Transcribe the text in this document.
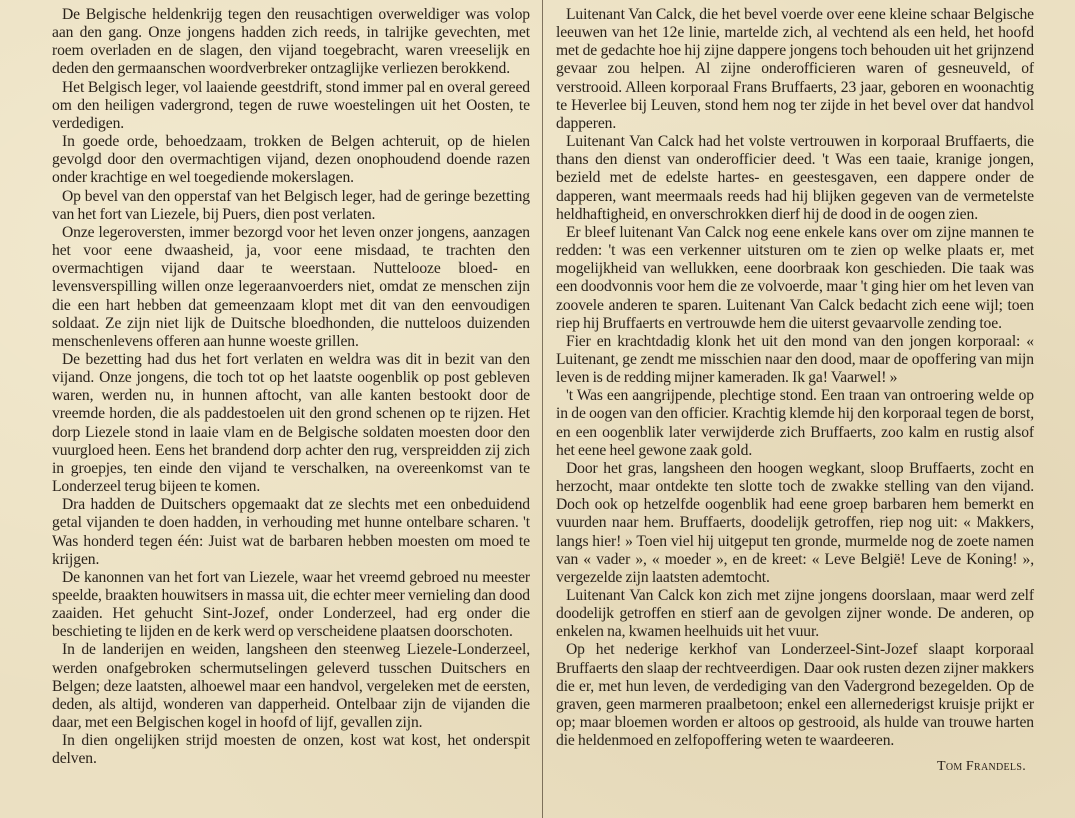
De Belgische heldenkrijg tegen den reusachtigen overweldiger was volop aan den gang. Onze jongens hadden zich reeds, in talrijke gevechten, met roem overladen en de slagen, den vijand toegebracht, waren vreeselijk en deden den germaanschen woordverbreker ontzaglijke verliezen berokkend.

Het Belgisch leger, vol laaiende geestdrift, stond immer pal en overal gereed om den heiligen vadergrond, tegen de ruwe woestelingen uit het Oosten, te verdedigen.

In goede orde, behoedzaam, trokken de Belgen achteruit, op de hielen gevolgd door den overmachtigen vijand, dezen onophoudend doende razen onder krachtige en wel toegediende mokerslagen.

Op bevel van den opperstaf van het Belgisch leger, had de geringe bezetting van het fort van Liezele, bij Puers, dien post verlaten.

Onze legeroversten, immer bezorgd voor het leven onzer jongens, aanzagen het voor eene dwaasheid, ja, voor eene misdaad, te trachten den overmachtigen vijand daar te weerstaan. Nutteloozе bloed- en levensverspilling willen onze legeraanvoerders niet, omdat ze menschen zijn die een hart hebben dat gemeenzaam klopt met dit van den eenvoudigen soldaat. Ze zijn niet lijk de Duitsche bloedhonden, die nutteloos duizenden menschenlevens offeren aan hunne woeste grillen.

De bezetting had dus het fort verlaten en weldra was dit in bezit van den vijand. Onze jongens, die toch tot op het laatste oogenblik op post gebleven waren, werden nu, in hunnen aftocht, van alle kanten bestookt door de vreemde horden, die als paddestoelen uit den grond schenen op te rijzen. Het dorp Liezele stond in laaie vlam en de Belgische soldaten moesten door den vuurgloed heen. Eens het brandend dorp achter den rug, verspreidden zij zich in groepjes, ten einde den vijand te verschalken, na overeenkomst van te Londerzeel terug bijeen te komen.

Dra hadden de Duitschers opgemaakt dat ze slechts met een onbeduidend getal vijanden te doen hadden, in verhouding met hunne ontelbare scharen. 't Was honderd tegen één: Juist wat de barbaren hebben moesten om moed te krijgen.

De kanonnen van het fort van Liezele, waar het vreemd gebroed nu meester speelde, braakten houwitsers in massa uit, die echter meer vernieling dan dood zaaiden. Het gehucht Sint-Jozef, onder Londerzeel, had erg onder die beschieting te lijden en de kerk werd op verscheidene plaatsen doorschoten.

In de landerijen en weiden, langsheen den steenweg Liezele-Londerzeel, werden onafgebroken schermutselingen geleverd tusschen Duitschers en Belgen; deze laatsten, alhoewel maar een handvol, vergeleken met de eersten, deden, als altijd, wonderen van dapperheid. Ontelbaar zijn de vijanden die daar, met een Belgischen kogel in hoofd of lijf, gevallen zijn.

In dien ongelijken strijd moesten de onzen, kost wat kost, het onderspit delven.

Luitenant Van Calck, die het bevel voerde over eene kleine schaar Belgische leeuwen van het 12e linie, martelde zich, al vechtend als een held, het hoofd met de gedachte hoe hij zijne dappere jongens toch behouden uit het grijnzend gevaar zou helpen. Al zijne onderofficieren waren of gesneuveld, of verstrooid. Alleen korporaal Frans Bruffaerts, 23 jaar, geboren en woonachtig te Heverlee bij Leuven, stond hem nog ter zijde in het bevel over dat handvol dapperen.

Luitenant Van Calck had het volste vertrouwen in korporaal Bruffaerts, die thans den dienst van onderofficier deed. 't Was een taaie, kranige jongen, bezield met de edelste hartes- en geestesgaven, een dappere onder de dapperen, want meermaals reeds had hij blijken gegeven van de vermetelste heldhaftigheid, en onverschrokken dierf hij de dood in de oogen zien.

Er bleef luitenant Van Calck nog eene enkele kans over om zijne mannen te redden: 't was een verkenner uitsturen om te zien op welke plaats er, met mogelijkheid van wellukken, eene doorbraak kon geschieden. Die taak was een doodvonnis voor hem die ze volvoerde, maar 't ging hier om het leven van zoovele anderen te sparen. Luitenant Van Calck bedacht zich eene wijl; toen riep hij Bruffaerts en vertrouwde hem die uiterst gevaarvolle zending toe.

Fier en krachtdadig klonk het uit den mond van den jongen korporaal: « Luitenant, ge zendt me misschien naar den dood, maar de opoffering van mijn leven is de redding mijner kameraden. Ik ga! Vaarwel! »

't Was een aangrijpende, plechtige stond. Een traan van ontroering welde op in de oogen van den officier. Krachtig klemde hij den korporaal tegen de borst, en een oogenblik later verwijderde zich Bruffaerts, zoo kalm en rustig alsof het eene heel gewone zaak gold.

Door het gras, langsheen den hoogen wegkant, sloop Bruffaerts, zocht en herzocht, maar ontdekte ten slotte toch de zwakke stelling van den vijand. Doch ook op hetzelfde oogenblik had eene groep barbaren hem bemerkt en vuurden naar hem. Bruffaerts, doodelijk getroffen, riep nog uit: « Makkers, langs hier! » Toen viel hij uitgeput ten gronde, murmelde nog de zoete namen van « vader », « moeder », en de kreet: « Leve België! Leve de Koning! », vergezelde zijn laatsten ademtocht.

Luitenant Van Calck kon zich met zijne jongens doorslaan, maar werd zelf doodelijk getroffen en stierf aan de gevolgen zijner wonde. De anderen, op enkelen na, kwamen heelhuids uit het vuur.

Op het nederige kerkhof van Londerzeel-Sint-Jozef slaapt korporaal Bruffaerts den slaap der rechtveerdigen. Daar ook rusten dezen zijner makkers die er, met hun leven, de verdediging van den Vadergrond bezegelden. Op de graven, geen marmeren praalbetoon; enkel een allernederigst kruisje prijkt er op; maar bloemen worden er altoos op gestrooid, als hulde van trouwe harten die heldenmoed en zelfopoffering weten te waardeeren.

Tom Frandels.
